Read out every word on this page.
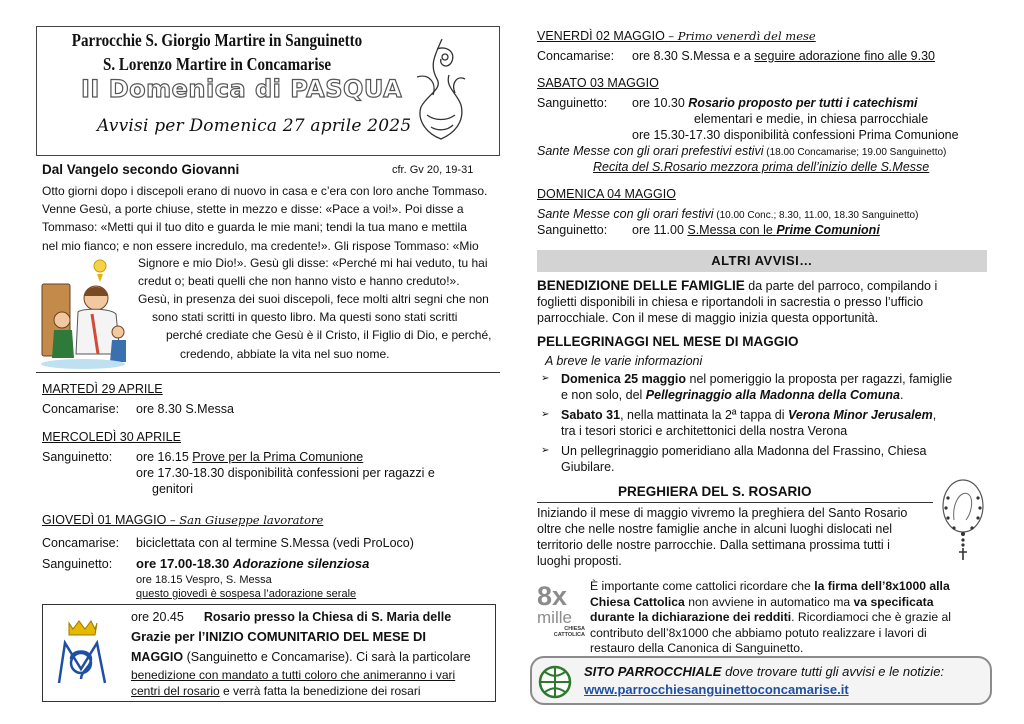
Parrocchie S. Giorgio Martire in Sanguinetto
S. Lorenzo Martire in Concamarise
II Domenica di PASQUA
Avvisi per Domenica 27 aprile 2025
Dal Vangelo secondo Giovanni	cfr. Gv 20, 19-31
Otto giorni dopo i discepoli erano di nuovo in casa e c’era con loro anche Tommaso.
Venne Gesù, a porte chiuse, stette in mezzo e disse: «Pace a voi!». Poi disse a
Tommaso: «Metti qui il tuo dito e guarda le mie mani; tendi la tua mano e mettila
nel mio fianco; e non essere incredulo, ma credente!». Gli rispose Tommaso: «Mio
Signore e mio Dio!». Gesù gli disse: «Perché mi hai veduto, tu hai
credut o; beati quelli che non hanno visto e hanno creduto!».
Gesù, in presenza dei suoi discepoli, fece molti altri segni che non
sono stati scritti in questo libro. Ma questi sono stati scritti
perché crediate che Gesù è il Cristo, il Figlio di Dio, e perché,
credendo, abbiate la vita nel suo nome.
MARTEDÌ 29 APRILE
Concamarise: ore 8.30 S.Messa
MERCOLEDÌ 30 APRILE
Sanguinetto: ore 16.15 Prove per la Prima Comunione
ore 17.30-18.30 disponibilità confessioni per ragazzi e
genitori
GIOVEDÌ 01 MAGGIO – San Giuseppe lavoratore
Concamarise: biciclettata con al termine S.Messa (vedi ProLoco)
Sanguinetto: ore 17.00-18.30 Adorazione silenziosa
ore 18.15 Vespro, S. Messa
questo giovedì è sospesa l’adorazione serale
ore 20.45 Rosario presso la Chiesa di S. Maria delle
Grazie per l’INIZIO COMUNITARIO DEL MESE DI
MAGGIO (Sanguinetto e Concamarise). Ci sarà la particolare
benedizione con mandato a tutti coloro che animeranno i vari
centri del rosario e verrà fatta la benedizione dei rosari
VENERDÌ 02 MAGGIO – Primo venerdì del mese
Concamarise: ore 8.30 S.Messa e a seguire adorazione fino alle 9.30
SABATO 03 MAGGIO
Sanguinetto: ore 10.30 Rosario proposto per tutti i catechismi
elementari e medie, in chiesa parrocchiale
ore 15.30-17.30 disponibilità confessioni Prima Comunione
Sante Messe con gli orari prefestivi estivi (18.00 Concamarise; 19.00 Sanguinetto)
Recita del S.Rosario mezzora prima dell’inizio delle S.Messe
DOMENICA 04 MAGGIO
Sante Messe con gli orari festivi (10.00 Conc.; 8.30, 11.00, 18.30 Sanguinetto)
Sanguinetto: ore 11.00 S.Messa con le Prime Comunioni
ALTRI AVVISI…
BENEDIZIONE DELLE FAMIGLIE da parte del parroco, compilando i
foglietti disponibili in chiesa e riportandoli in sacrestia o presso l’ufficio
parrocchiale. Con il mese di maggio inizia questa opportunità.
PELLEGRINAGGI NEL MESE DI MAGGIO
A breve le varie informazioni
➢ Domenica 25 maggio nel pomeriggio la proposta per ragazzi, famiglie
e non solo, del Pellegrinaggio alla Madonna della Comuna.
➢ Sabato 31, nella mattinata la 2ª tappa di Verona Minor Jerusalem,
tra i tesori storici e architettonici della nostra Verona
➢ Un pellegrinaggio pomeridiano alla Madonna del Frassino, Chiesa
Giubilare.
PREGHIERA DEL S. ROSARIO
Iniziando il mese di maggio vivremo la preghiera del Santo Rosario
oltre che nelle nostre famiglie anche in alcuni luoghi dislocati nel
territorio delle nostre parrocchie. Dalla settimana prossima tutti i
luoghi proposti.
8x
mille
CHIESA
CATTOLICA
È importante come cattolici ricordare che la firma dell’8x1000 alla
Chiesa Cattolica non avviene in automatico ma va specificata
durante la dichiarazione dei redditi. Ricordiamoci che è grazie al
contributo dell’8x1000 che abbiamo potuto realizzare i lavori di
restauro della Canonica di Sanguinetto.
SITO PARROCCHIALE dove trovare tutti gli avvisi e le notizie:
www.parrocchiesanguinettoconcamarise.it
